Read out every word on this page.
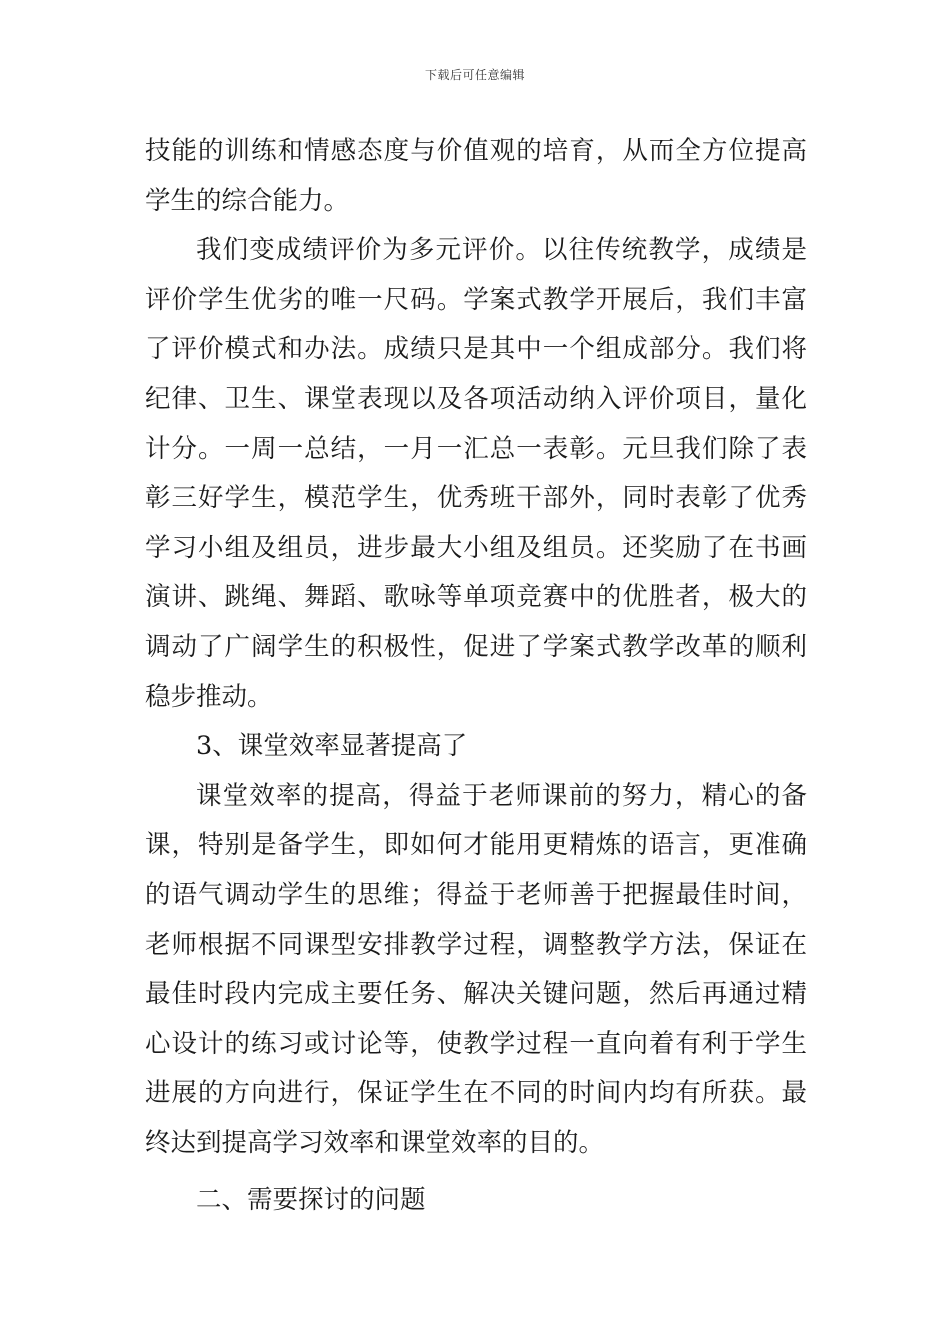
下载后可任意编辑

技能的训练和情感态度与价值观的培育，从而全方位提高学生的综合能力。

我们变成绩评价为多元评价。以往传统教学，成绩是评价学生优劣的唯一尺码。学案式教学开展后，我们丰富了评价模式和办法。成绩只是其中一个组成部分。我们将纪律、卫生、课堂表现以及各项活动纳入评价项目，量化计分。一周一总结，一月一汇总一表彰。元旦我们除了表彰三好学生，模范学生，优秀班干部外，同时表彰了优秀学习小组及组员，进步最大小组及组员。还奖励了在书画演讲、跳绳、舞蹈、歌咏等单项竞赛中的优胜者，极大的调动了广阔学生的积极性，促进了学案式教学改革的顺利稳步推动。

3、课堂效率显著提高了

课堂效率的提高，得益于老师课前的努力，精心的备课，特别是备学生，即如何才能用更精炼的语言，更准确的语气调动学生的思维；得益于老师善于把握最佳时间，老师根据不同课型安排教学过程，调整教学方法，保证在最佳时段内完成主要任务、解决关键问题，然后再通过精心设计的练习或讨论等，使教学过程一直向着有利于学生进展的方向进行，保证学生在不同的时间内均有所获。最终达到提高学习效率和课堂效率的目的。

二、需要探讨的问题
